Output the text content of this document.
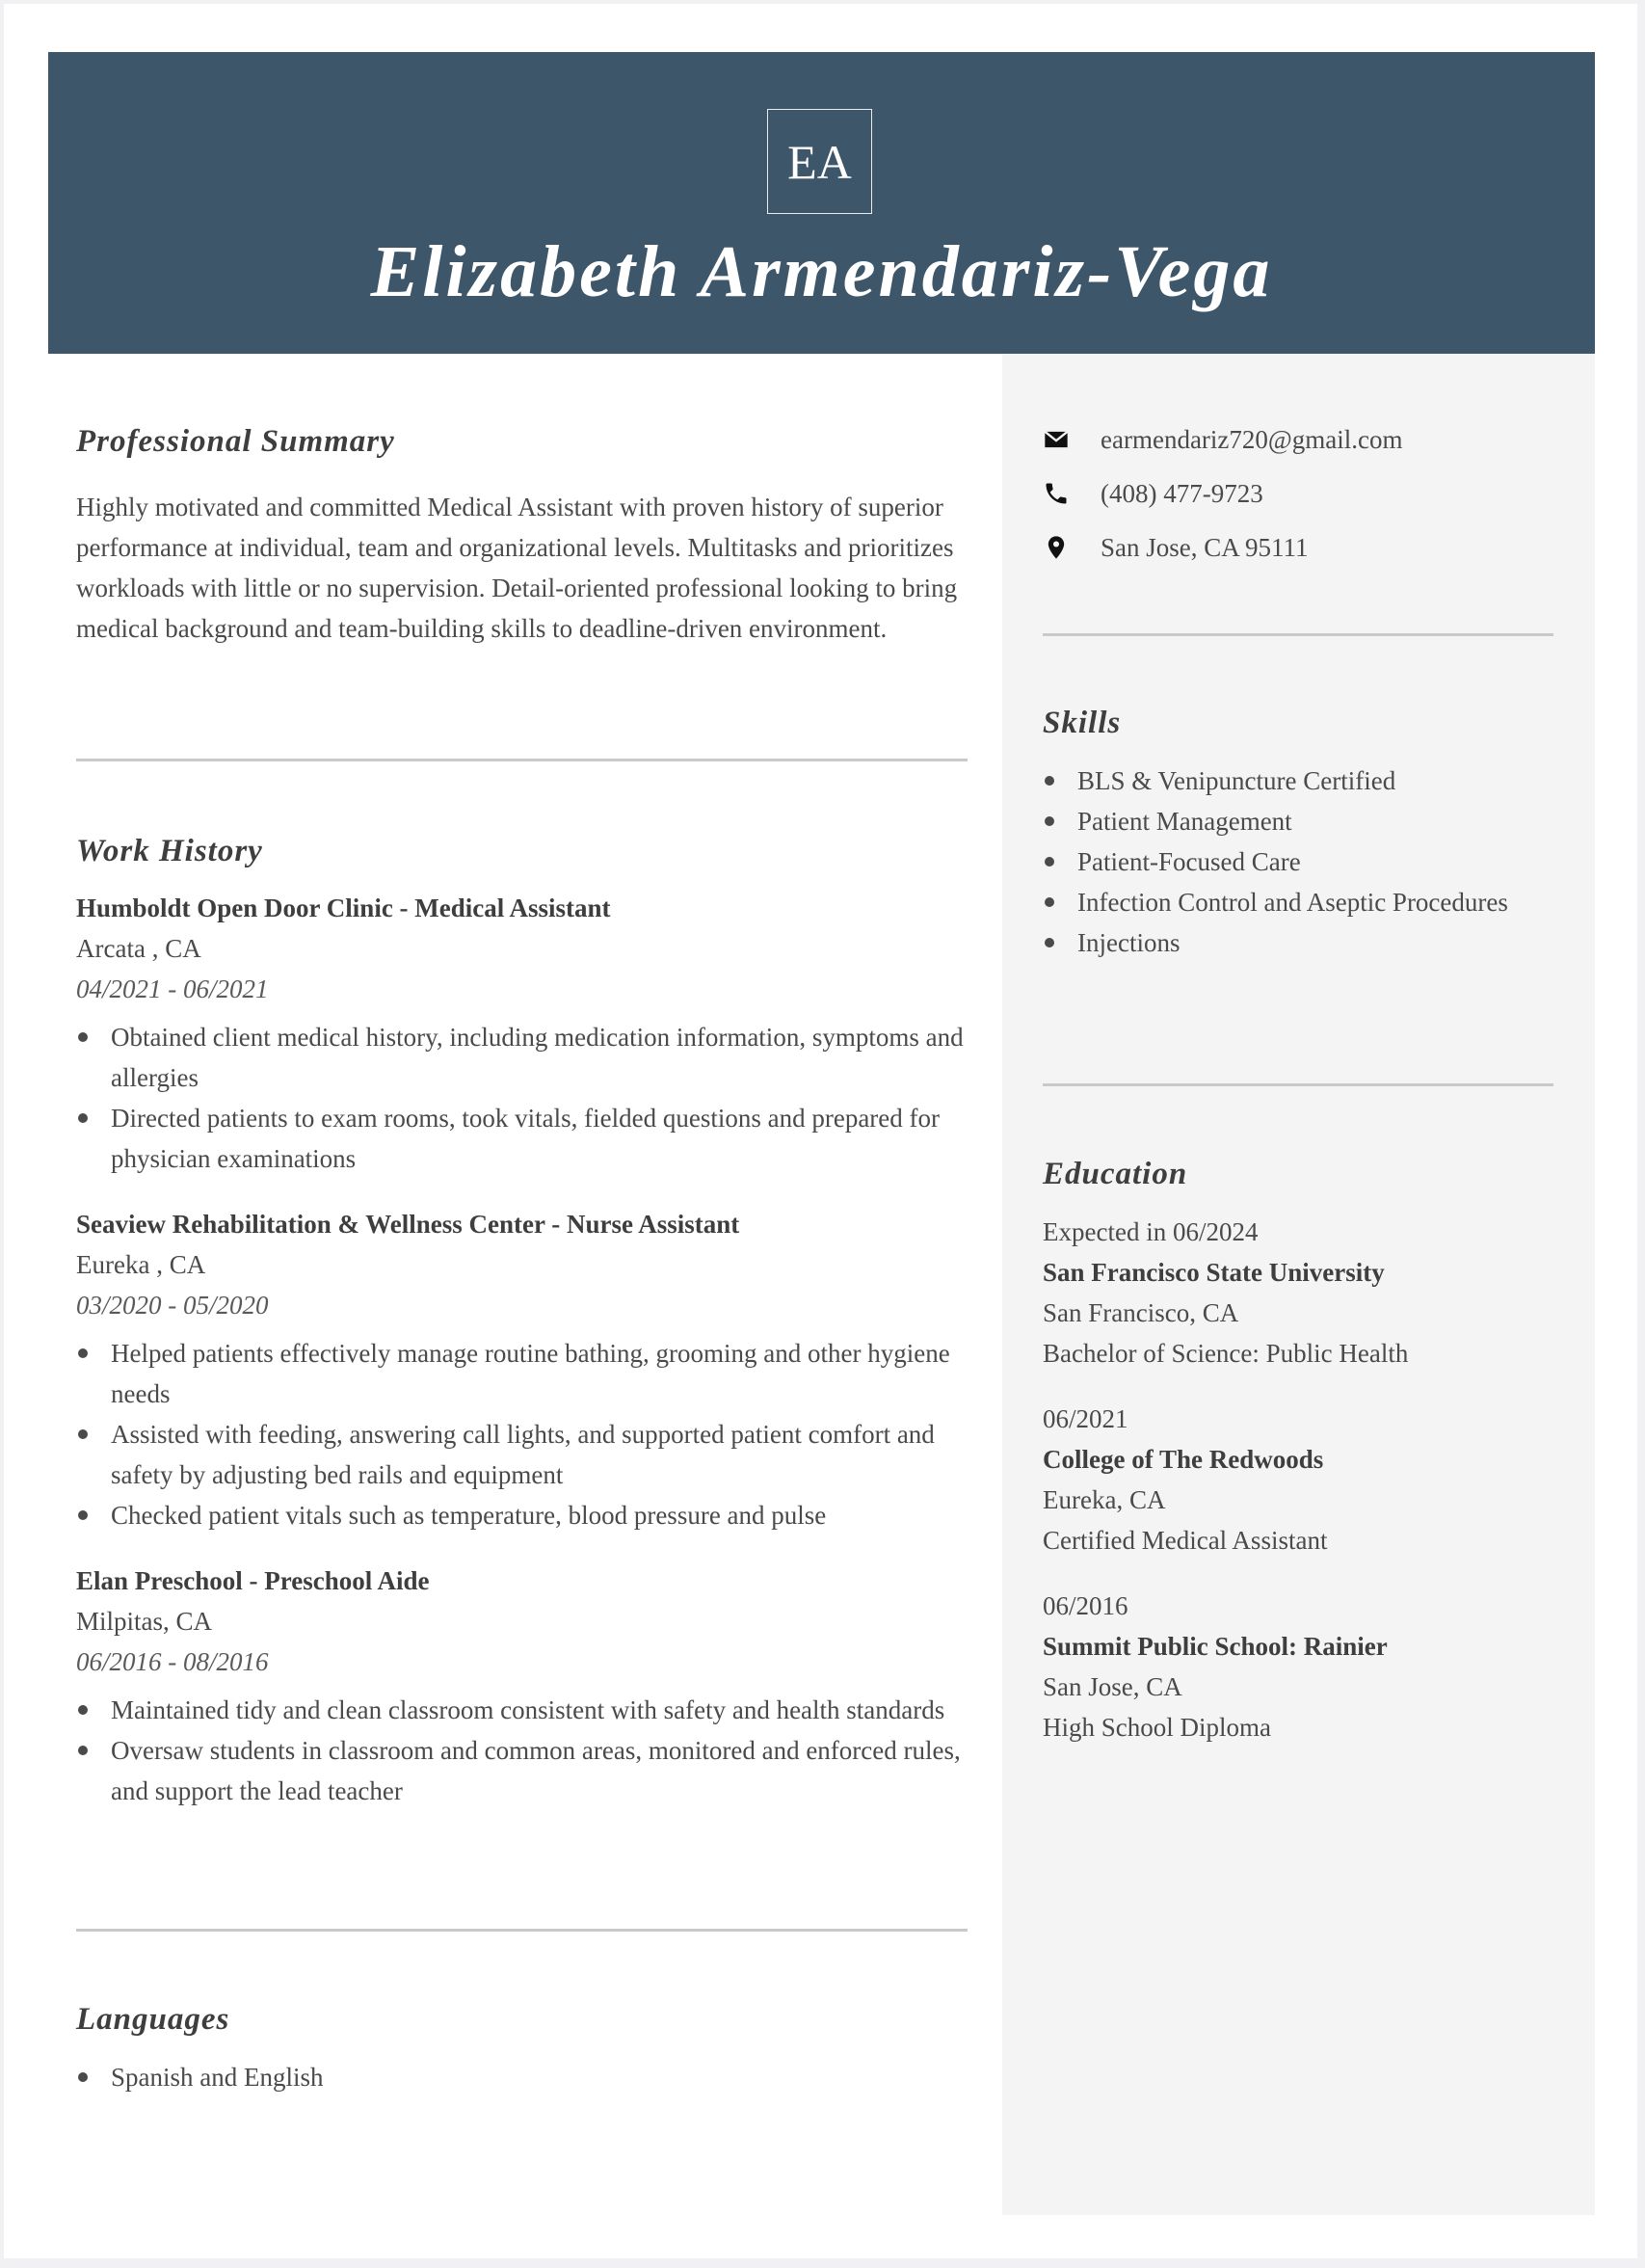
EA
Elizabeth Armendariz-Vega
Professional Summary

Highly motivated and committed Medical Assistant with proven history of superior performance at individual, team and organizational levels. Multitasks and prioritizes workloads with little or no supervision. Detail-oriented professional looking to bring medical background and team-building skills to deadline-driven environment.

Work History
Humboldt Open Door Clinic - Medical Assistant
Arcata , CA
04/2021 - 06/2021
Obtained client medical history, including medication information, symptoms and allergies
Directed patients to exam rooms, took vitals, fielded questions and prepared for physician examinations
Seaview Rehabilitation & Wellness Center - Nurse Assistant
Eureka , CA
03/2020 - 05/2020
Helped patients effectively manage routine bathing, grooming and other hygiene needs
Assisted with feeding, answering call lights, and supported patient comfort and safety by adjusting bed rails and equipment
Checked patient vitals such as temperature, blood pressure and pulse
Elan Preschool - Preschool Aide
Milpitas, CA
06/2016 - 08/2016
Maintained tidy and clean classroom consistent with safety and health standards
Oversaw students in classroom and common areas, monitored and enforced rules, and support the lead teacher
Languages
Spanish and English
earmendariz720@gmail.com
(408) 477-9723
San Jose, CA 95111
Skills
BLS & Venipuncture Certified
Patient Management
Patient-Focused Care
Infection Control and Aseptic Procedures
Injections
Education
Expected in 06/2024
San Francisco State University
San Francisco, CA
Bachelor of Science: Public Health
06/2021
College of The Redwoods
Eureka, CA
Certified Medical Assistant
06/2016
Summit Public School: Rainier
San Jose, CA
High School Diploma
